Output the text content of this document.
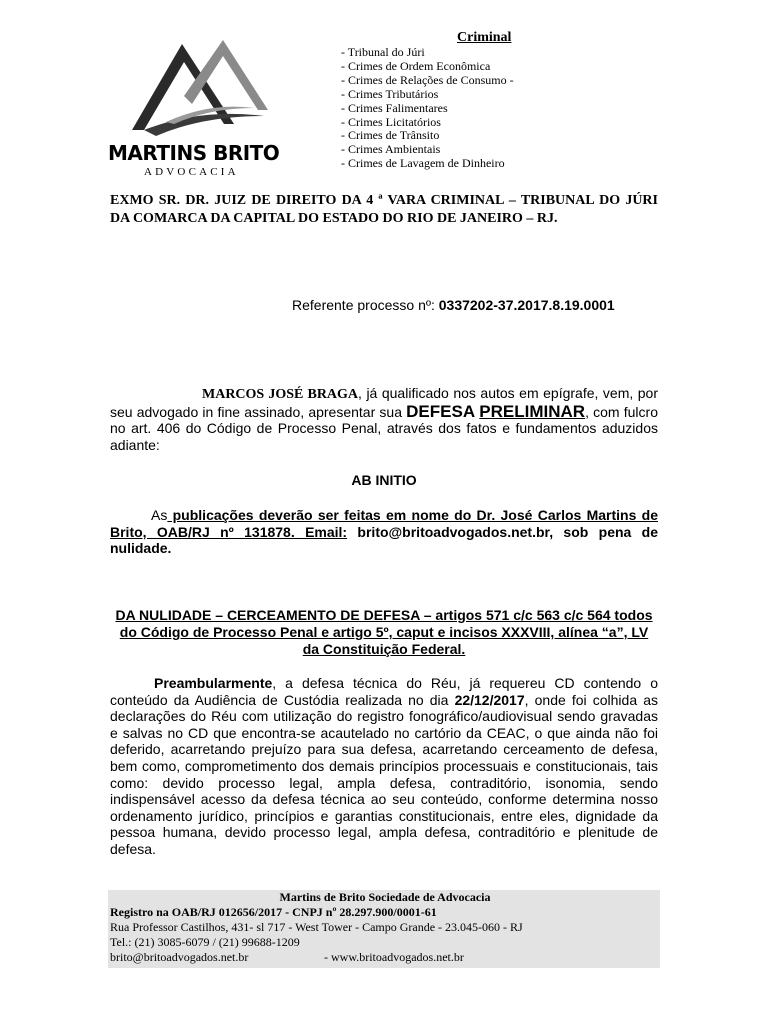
MARTINS BRITO
ADVOCACIA
Criminal
- Tribunal do Júri
- Crimes de Ordem Econômica
- Crimes de Relações de Consumo -
- Crimes Tributários
- Crimes Falimentares
- Crimes Licitatórios
- Crimes de Trânsito
- Crimes Ambientais
- Crimes de Lavagem de Dinheiro
EXMO SR. DR. JUIZ DE DIREITO DA 4 ª VARA CRIMINAL – TRIBUNAL DO JÚRI DA COMARCA DA CAPITAL DO ESTADO DO RIO DE JANEIRO – RJ.
Referente processo nº: 0337202-37.2017.8.19.0001
MARCOS JOSÉ BRAGA, já qualificado nos autos em epígrafe, vem, por seu advogado in fine assinado, apresentar sua DEFESA PRELIMINAR, com fulcro no art. 406 do Código de Processo Penal, através dos fatos e fundamentos aduzidos adiante:
AB INITIO
As publicações deverão ser feitas em nome do Dr. José Carlos Martins de Brito, OAB/RJ nº 131878. Email: brito@britoadvogados.net.br, sob pena de nulidade.
DA NULIDADE – CERCEAMENTO DE DEFESA – artigos 571 c/c 563 c/c 564 todos do Código de Processo Penal e artigo 5º, caput e incisos XXXVIII, alínea “a”, LV da Constituição Federal.
Preambularmente, a defesa técnica do Réu, já requereu CD contendo o conteúdo da Audiência de Custódia realizada no dia 22/12/2017, onde foi colhida as declarações do Réu com utilização do registro fonográfico/audiovisual sendo gravadas e salvas no CD que encontra-se acautelado no cartório da CEAC, o que ainda não foi deferido, acarretando prejuízo para sua defesa, acarretando cerceamento de defesa, bem como, comprometimento dos demais princípios processuais e constitucionais, tais como: devido processo legal, ampla defesa, contraditório, isonomia, sendo indispensável acesso da defesa técnica ao seu conteúdo, conforme determina nosso ordenamento jurídico, princípios e garantias constitucionais, entre eles, dignidade da pessoa humana, devido processo legal, ampla defesa, contraditório e plenitude de defesa.
Martins de Brito Sociedade de Advocacia
Registro na OAB/RJ 012656/2017 - CNPJ nº 28.297.900/0001-61
Rua Professor Castilhos, 431- sl 717 - West Tower - Campo Grande - 23.045-060 - RJ
Tel.: (21) 3085-6079 / (21) 99688-1209
brito@britoadvogados.net.br	- www.britoadvogados.net.br
